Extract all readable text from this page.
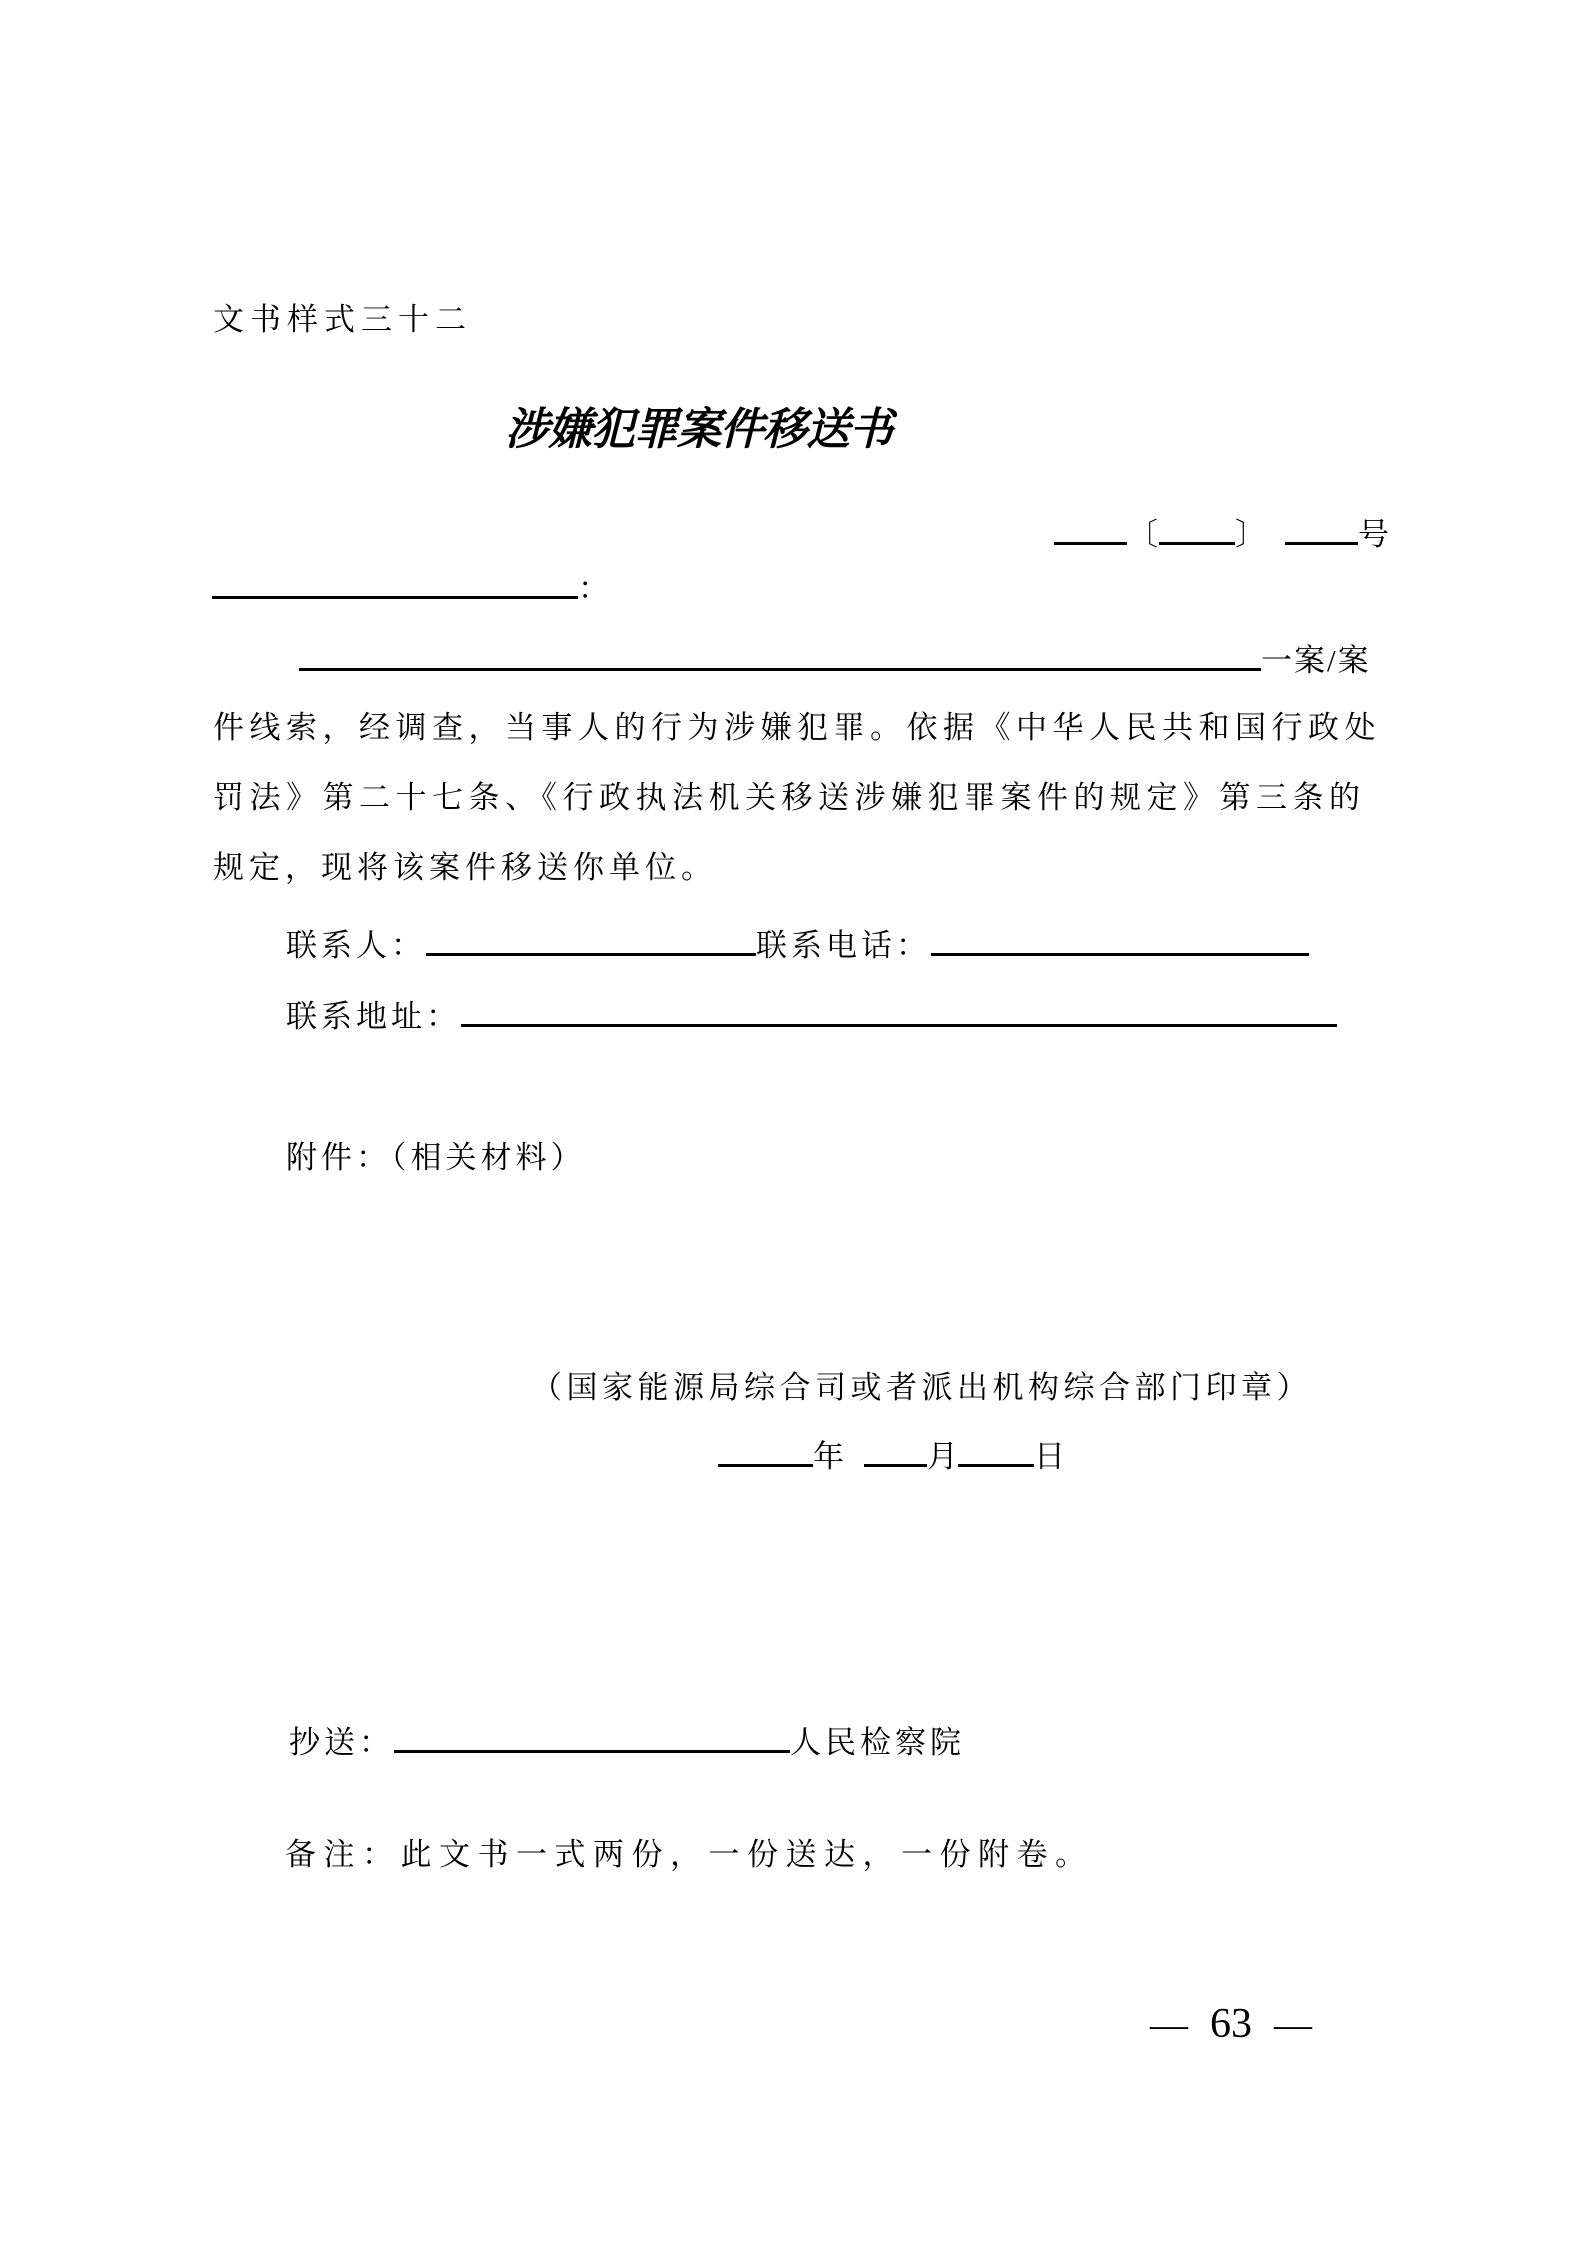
文书样式三十二
涉嫌犯罪案件移送书
〔 〕	号
：
一案/案
件线索，经调查，当事人的行为涉嫌犯罪。依据《中华人民共和国行政处
罚法》第二十七条、《行政执法机关移送涉嫌犯罪案件的规定》第三条的
规定，现将该案件移送你单位。
联系人：	联系电话：
联系地址：
附件：（相关材料）
（国家能源局综合司或者派出机构综合部门印章）
年	月 日
抄送：	人民检察院
备注：此文书一式两份，一份送达，一份附卷。
— 63 —
